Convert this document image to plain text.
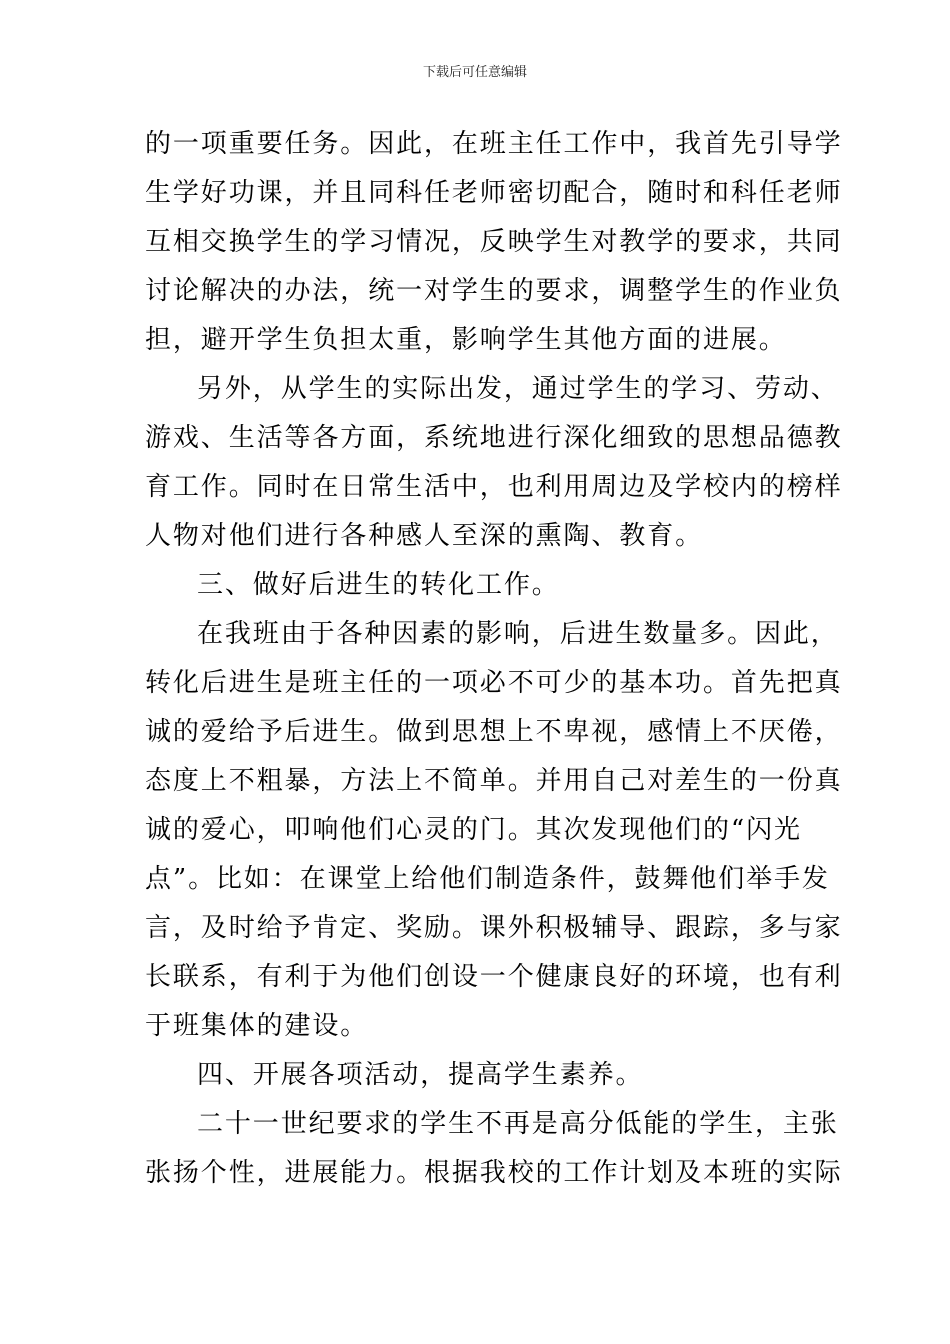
下载后可任意编辑
的一项重要任务。因此，在班主任工作中，我首先引导学
生学好功课，并且同科任老师密切配合，随时和科任老师
互相交换学生的学习情况，反映学生对教学的要求，共同
讨论解决的办法，统一对学生的要求，调整学生的作业负
担，避开学生负担太重，影响学生其他方面的进展。
另外，从学生的实际出发，通过学生的学习、劳动、
游戏、生活等各方面，系统地进行深化细致的思想品德教
育工作。同时在日常生活中，也利用周边及学校内的榜样
人物对他们进行各种感人至深的熏陶、教育。
三、做好后进生的转化工作。
在我班由于各种因素的影响，后进生数量多。因此，
转化后进生是班主任的一项必不可少的基本功。首先把真
诚的爱给予后进生。做到思想上不卑视，感情上不厌倦，
态度上不粗暴，方法上不简单。并用自己对差生的一份真
诚的爱心，叩响他们心灵的门。其次发现他们的“闪光
点”。比如：在课堂上给他们制造条件，鼓舞他们举手发
言，及时给予肯定、奖励。课外积极辅导、跟踪，多与家
长联系，有利于为他们创设一个健康良好的环境，也有利
于班集体的建设。
四、开展各项活动，提高学生素养。
二十一世纪要求的学生不再是高分低能的学生，主张
张扬个性，进展能力。根据我校的工作计划及本班的实际
